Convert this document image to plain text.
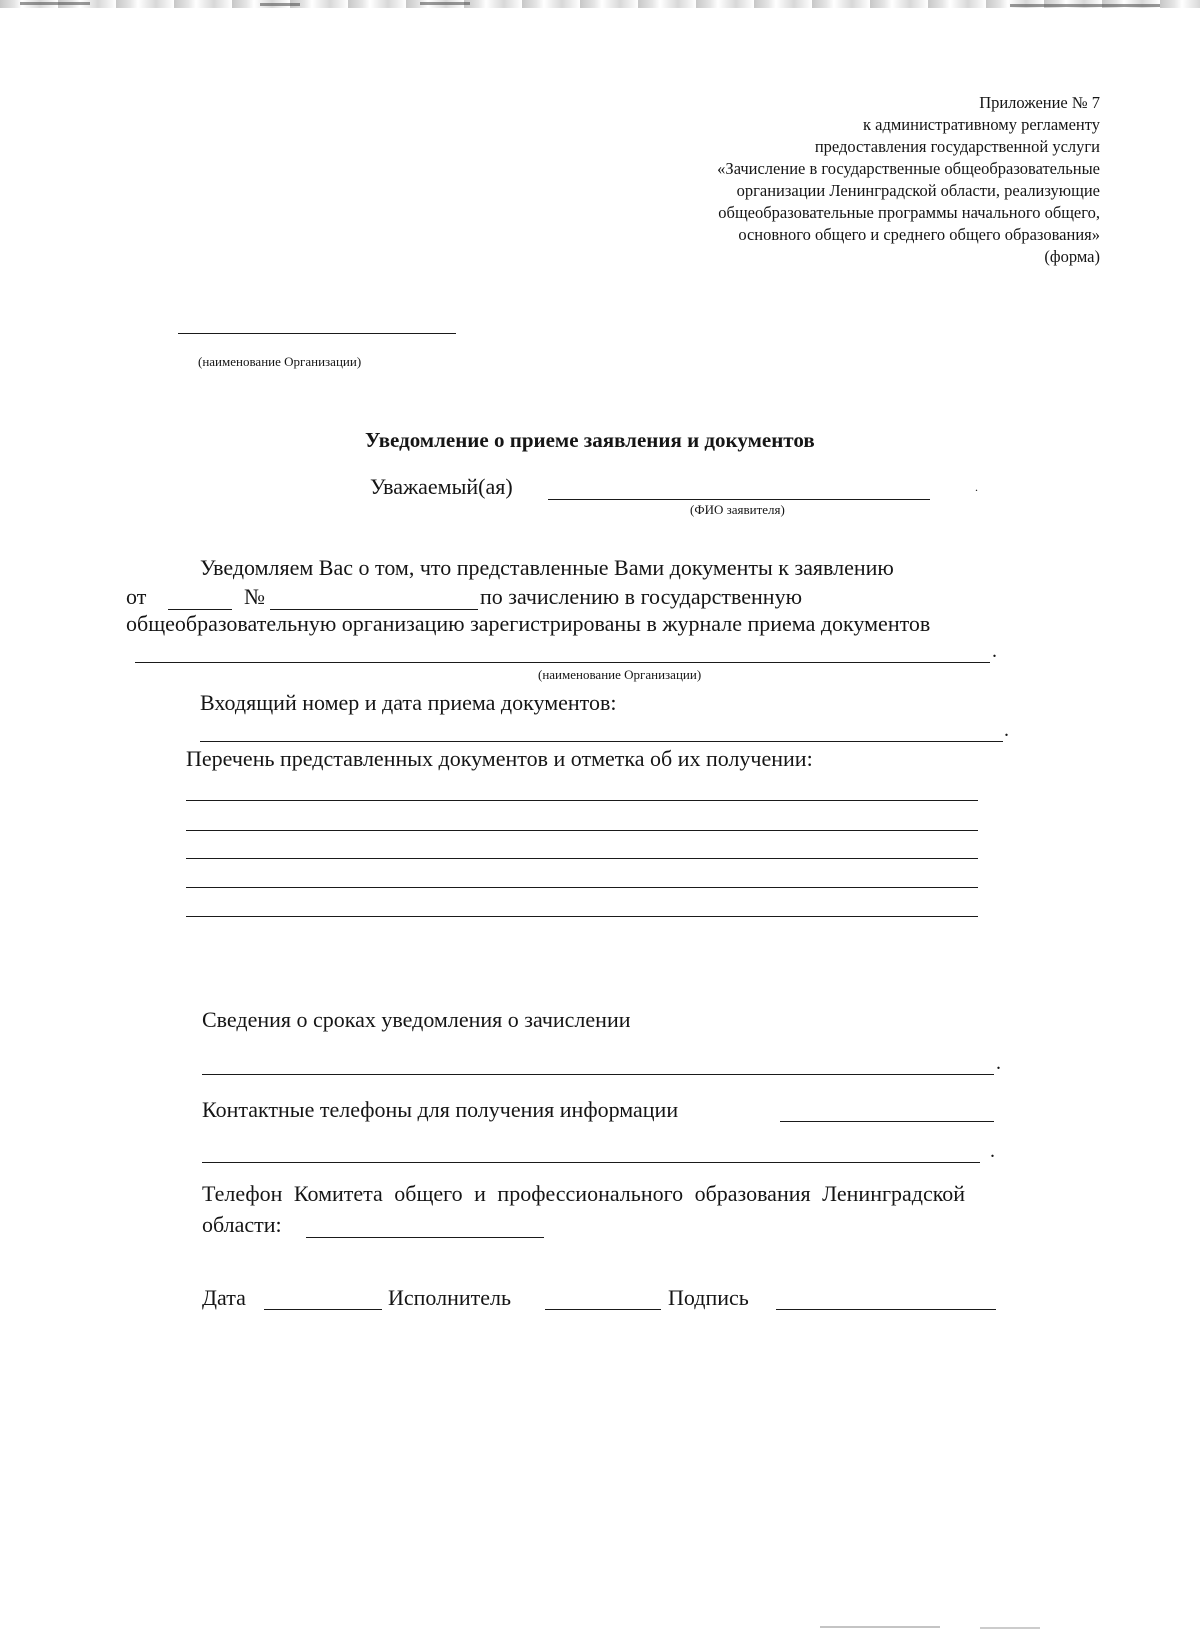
Приложение № 7
к административному регламенту
предоставления государственной услуги
«Зачисление в государственные общеобразовательные
организации Ленинградской области, реализующие
общеобразовательные программы начального общего,
основного общего и среднего общего образования»
(форма)
(наименование Организации)
Уведомление о приеме заявления и документов
Уважаемый(ая)	.
(ФИО заявителя)
Уведомляем Вас о том, что представленные Вами документы к заявлению
от	№	по зачислению в государственную
общеобразовательную организацию зарегистрированы в журнале приема документов
.
(наименование Организации)
Входящий номер и дата приема документов:
.
Перечень представленных документов и отметка об их получении:
Сведения о сроках уведомления о зачислении
.
Контактные телефоны для получения информации
.
Телефон Комитета общего и профессионального образования Ленинградской
области:
Дата	Исполнитель	Подпись
